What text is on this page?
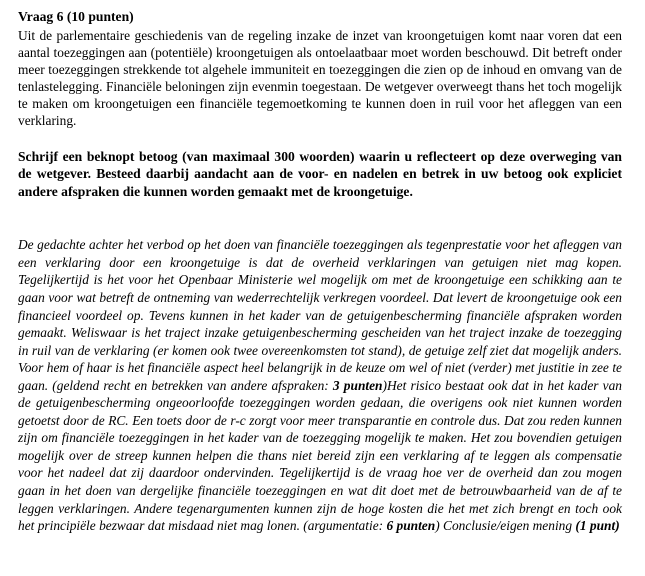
Vraag 6 (10 punten)

Uit de parlementaire geschiedenis van de regeling inzake de inzet van kroongetuigen komt naar voren dat een aantal toezeggingen aan (potentiële) kroongetuigen als ontoelaatbaar moet worden beschouwd. Dit betreft onder meer toezeggingen strekkende tot algehele immuniteit en toezeggingen die zien op de inhoud en omvang van de tenlastelegging. Financiële beloningen zijn evenmin toegestaan. De wetgever overweegt thans het toch mogelijk te maken om kroongetuigen een financiële tegemoetkoming te kunnen doen in ruil voor het afleggen van een verklaring.

Schrijf een beknopt betoog (van maximaal 300 woorden) waarin u reflecteert op deze overweging van de wetgever. Besteed daarbij aandacht aan de voor- en nadelen en betrek in uw betoog ook expliciet andere afspraken die kunnen worden gemaakt met de kroongetuige.

De gedachte achter het verbod op het doen van financiële toezeggingen als tegenprestatie voor het afleggen van een verklaring door een kroongetuige is dat de overheid verklaringen van getuigen niet mag kopen. Tegelijkertijd is het voor het Openbaar Ministerie wel mogelijk om met de kroongetuige een schikking aan te gaan voor wat betreft de ontneming van wederrechtelijk verkregen voordeel. Dat levert de kroongetuige ook een financieel voordeel op. Tevens kunnen in het kader van de getuigenbescherming financiële afspraken worden gemaakt. Weliswaar is het traject inzake getuigenbescherming gescheiden van het traject inzake de toezegging in ruil van de verklaring (er komen ook twee overeenkomsten tot stand), de getuige zelf ziet dat mogelijk anders. Voor hem of haar is het financiële aspect heel belangrijk in de keuze om wel of niet (verder) met justitie in zee te gaan. (geldend recht en betrekken van andere afspraken: 3 punten)Het risico bestaat ook dat in het kader van de getuigenbescherming ongeoorloofde toezeggingen worden gedaan, die overigens ook niet kunnen worden getoetst door de RC. Een toets door de r-c zorgt voor meer transparantie en controle dus. Dat zou reden kunnen zijn om financiële toezeggingen in het kader van de toezegging mogelijk te maken. Het zou bovendien getuigen mogelijk over de streep kunnen helpen die thans niet bereid zijn een verklaring af te leggen als compensatie voor het nadeel dat zij daardoor ondervinden. Tegelijkertijd is de vraag hoe ver de overheid dan zou mogen gaan in het doen van dergelijke financiële toezeggingen en wat dit doet met de betrouwbaarheid van de af te leggen verklaringen. Andere tegenargumenten kunnen zijn de hoge kosten die het met zich brengt en toch ook het principiële bezwaar dat misdaad niet mag lonen. (argumentatie: 6 punten) Conclusie/eigen mening (1 punt)
